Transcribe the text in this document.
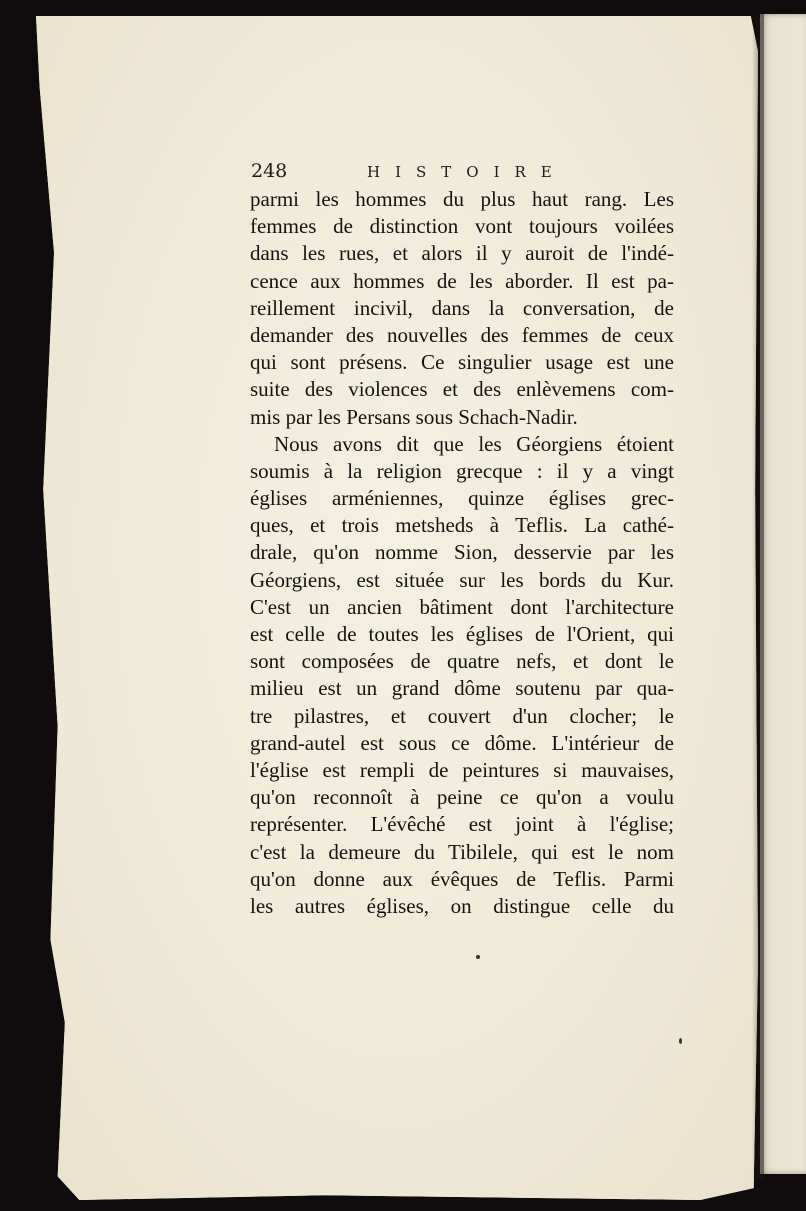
248	HISTOIRE
parmi les hommes du plus haut rang. Les
femmes de distinction vont toujours voilées
dans les rues, et alors il y auroit de l'indé-
cence aux hommes de les aborder. Il est pa-
reillement incivil, dans la conversation, de
demander des nouvelles des femmes de ceux
qui sont présens. Ce singulier usage est une
suite des violences et des enlèvemens com-
mis par les Persans sous Schach-Nadir.
Nous avons dit que les Géorgiens étoient
soumis à la religion grecque : il y a vingt
églises arméniennes, quinze églises grec-
ques, et trois metsheds à Teflis. La cathé-
drale, qu'on nomme Sion, desservie par les
Géorgiens, est située sur les bords du Kur.
C'est un ancien bâtiment dont l'architecture
est celle de toutes les églises de l'Orient, qui
sont composées de quatre nefs, et dont le
milieu est un grand dôme soutenu par qua-
tre pilastres, et couvert d'un clocher; le
grand-autel est sous ce dôme. L'intérieur de
l'église est rempli de peintures si mauvaises,
qu'on reconnoît à peine ce qu'on a voulu
représenter. L'évêché est joint à l'église;
c'est la demeure du Tibilele, qui est le nom
qu'on donne aux évêques de Teflis. Parmi
les autres églises, on distingue celle du
